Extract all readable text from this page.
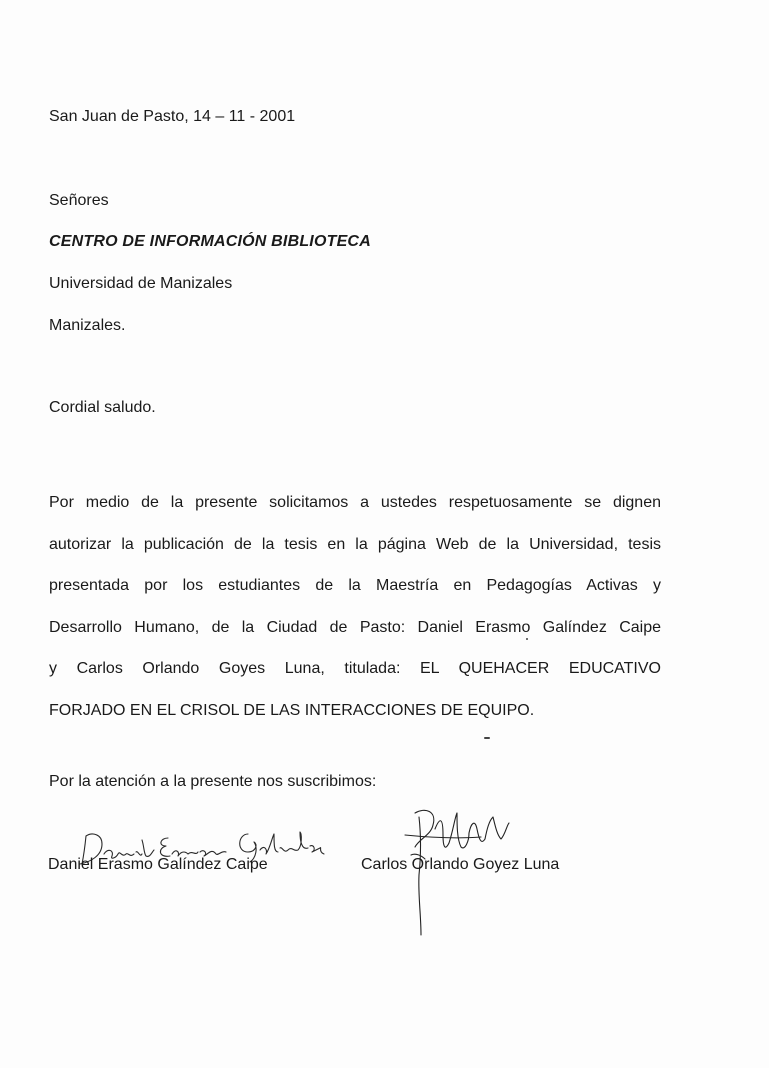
San Juan de Pasto, 14 – 11 - 2001
Señores
CENTRO DE INFORMACIÓN BIBLIOTECA
Universidad de Manizales
Manizales.
Cordial saludo.
Por medio de la presente solicitamos a ustedes respetuosamente se dignen
autorizar la publicación de la tesis en la página Web de la Universidad, tesis
presentada por los estudiantes de la Maestría en Pedagogías Activas y
Desarrollo Humano, de la Ciudad de Pasto: Daniel Erasmo Galíndez Caipe
y Carlos Orlando Goyes Luna, titulada: EL QUEHACER EDUCATIVO
FORJADO EN EL CRISOL DE LAS INTERACCIONES DE EQUIPO.
Por la atención a la presente nos suscribimos:
Daniel Erasmo Galíndez Caipe	Carlos Orlando Goyez Luna
